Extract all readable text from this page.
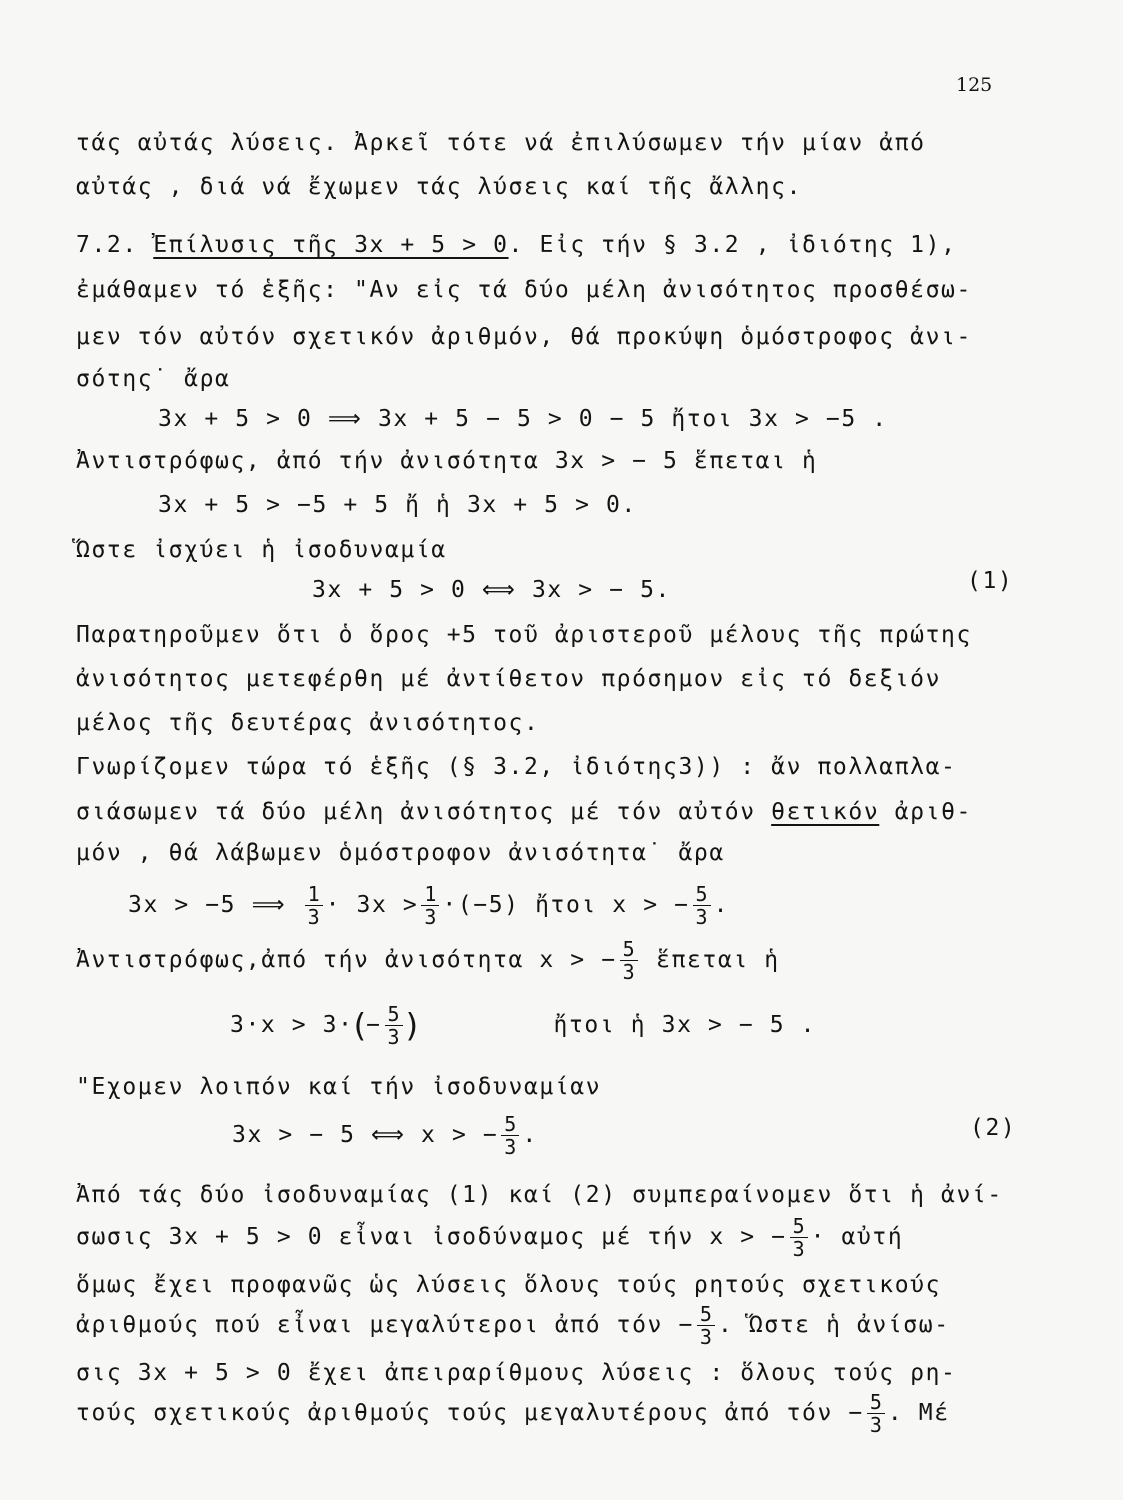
125
τάς αὐτάς λύσεις. Ἀρκεῖ τότε νά ἐπιλύσωμεν τήν μίαν ἀπό
αὐτάς , διά νά ἔχωμεν τάς λύσεις καί τῆς ἄλλης.
7.2. Ἐπίλυσις τῆς 3x + 5 > 0. Εἰς τήν § 3.2 , ἰδιότης 1),
ἐμάθαμεν τό ἑξῆς: "Αν εἰς τά δύο μέλη ἀνισότητος προσθέσω-
μεν τόν αὐτόν σχετικόν ἀριθμόν, θά προκύψη ὁμόστροφος ἀνι-
σότης˙ ἄρα
3x + 5 > 0 ⟹ 3x + 5 − 5 > 0 − 5 ἤτοι 3x > −5 .
Ἀντιστρόφως, ἀπό τήν ἀνισότητα 3x > − 5 ἕπεται ἡ
3x + 5 > −5 + 5 ἤ ἡ 3x + 5 > 0.
Ὥστε ἰσχύει ἡ ἰσοδυναμία
3x + 5 > 0 ⟺ 3x > − 5.	(1)
Παρατηροῦμεν ὅτι ὁ ὅρος +5 τοῦ ἀριστεροῦ μέλους τῆς πρώτης
ἀνισότητος μετεφέρθη μέ ἀντίθετον πρόσημον εἰς τό δεξιόν
μέλος τῆς δευτέρας ἀνισότητος.
Γνωρίζομεν τώρα τό ἑξῆς (§ 3.2, ἰδιότης3)) : ἄν πολλαπλα-
σιάσωμεν τά δύο μέλη ἀνισότητος μέ τόν αὐτόν θετικόν ἀριθ-
μόν , θά λάβωμεν ὁμόστροφον ἀνισότητα˙ ἄρα
3x > −5 ⟹ $\frac{1}{3} \cdot 3x > \frac{1}{3} \cdot(-5)$ ἤτοι x > − $\frac{5}{3}$ .
Ἀντιστρόφως,ἀπό τήν ἀνισότητα x > − $\frac{5}{3}$ ἕπεται ἡ
$3\cdot x > 3\cdot(- \frac{5}{3}$ )	ἤτοι ἡ 3x > − 5 .
"Εχομεν λοιπόν καί τήν ἰσοδυναμίαν
3x > − 5 ⟺ x > − $\frac{5}{3}$ .	(2)
Ἀπό τάς δύο ἰσοδυναμίας (1) καί (2) συμπεραίνομεν ὅτι ἡ ἀνί-
σωσις 3x + 5 > 0 εἶναι ἰσοδύναμος μέ τήν x > − $\frac{5}{3}$ · αὐτή
ὅμως ἔχει προφανῶς ὡς λύσεις ὅλους τούς ρητούς σχετικούς
ἀριθμούς πού εἶναι μεγαλύτεροι ἀπό $\tau ό\nu - \frac{5}{3}$ . Ὥστε ἡ ἀνίσω-
σις 3x + 5 > 0 ἔχει ἀπειραρίθμους λύσεις : ὅλους τούς ρη-
τούς σχετικούς ἀριθμούς τούς μεγαλυτέρους ἀπό $\tau ό\nu - \frac{5}{3}$ . Μέ
